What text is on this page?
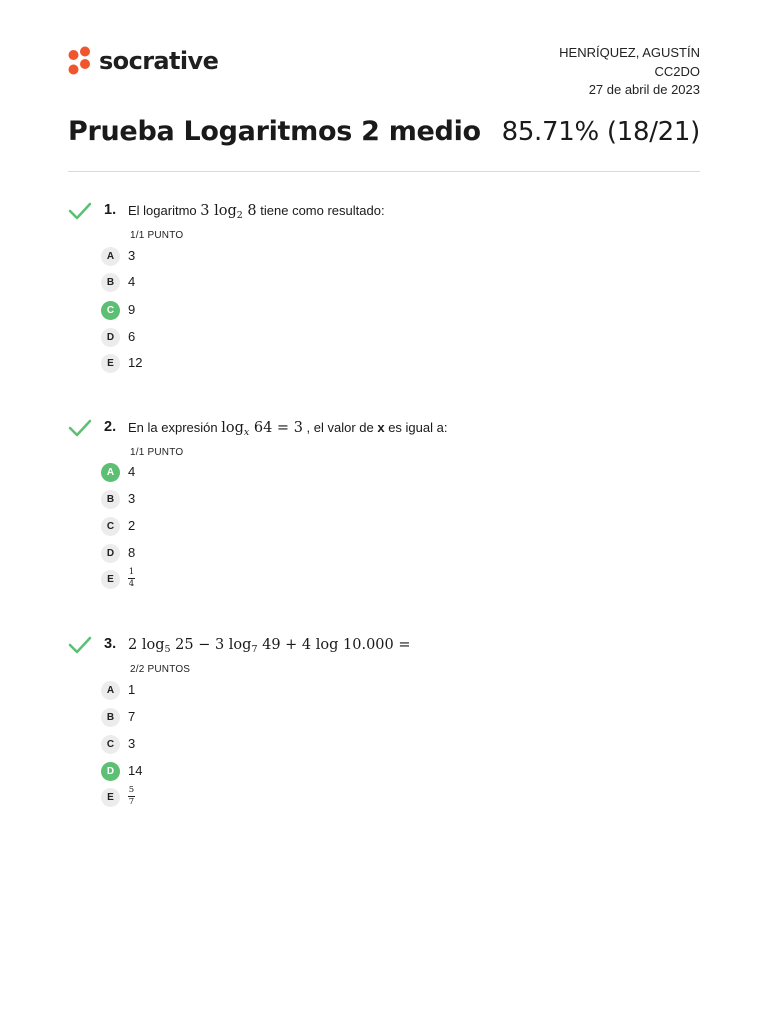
socrative	HENRÍQUEZ, AGUSTÍN
CC2DO
27 de abril de 2023
Prueba Logaritmos 2 medio 85.71% (18/21)
1. El logaritmo 3 $\log_2 8$ tiene como resultado:
1/1 PUNTO
A	3
B	4
C	9
D	6
E	12
2. En la expresión $\log_x 64 = 3$ , el valor de x es igual a:
1/1 PUNTO
A	4
B	3
C	2
D	8
E
1
4
3. 2 $\log_5 25 - 3$ $\log_7 49 + 4$ log 10.000 =
2/2 PUNTOS
A	1
B	7
C	3
D	14
E
5
7
